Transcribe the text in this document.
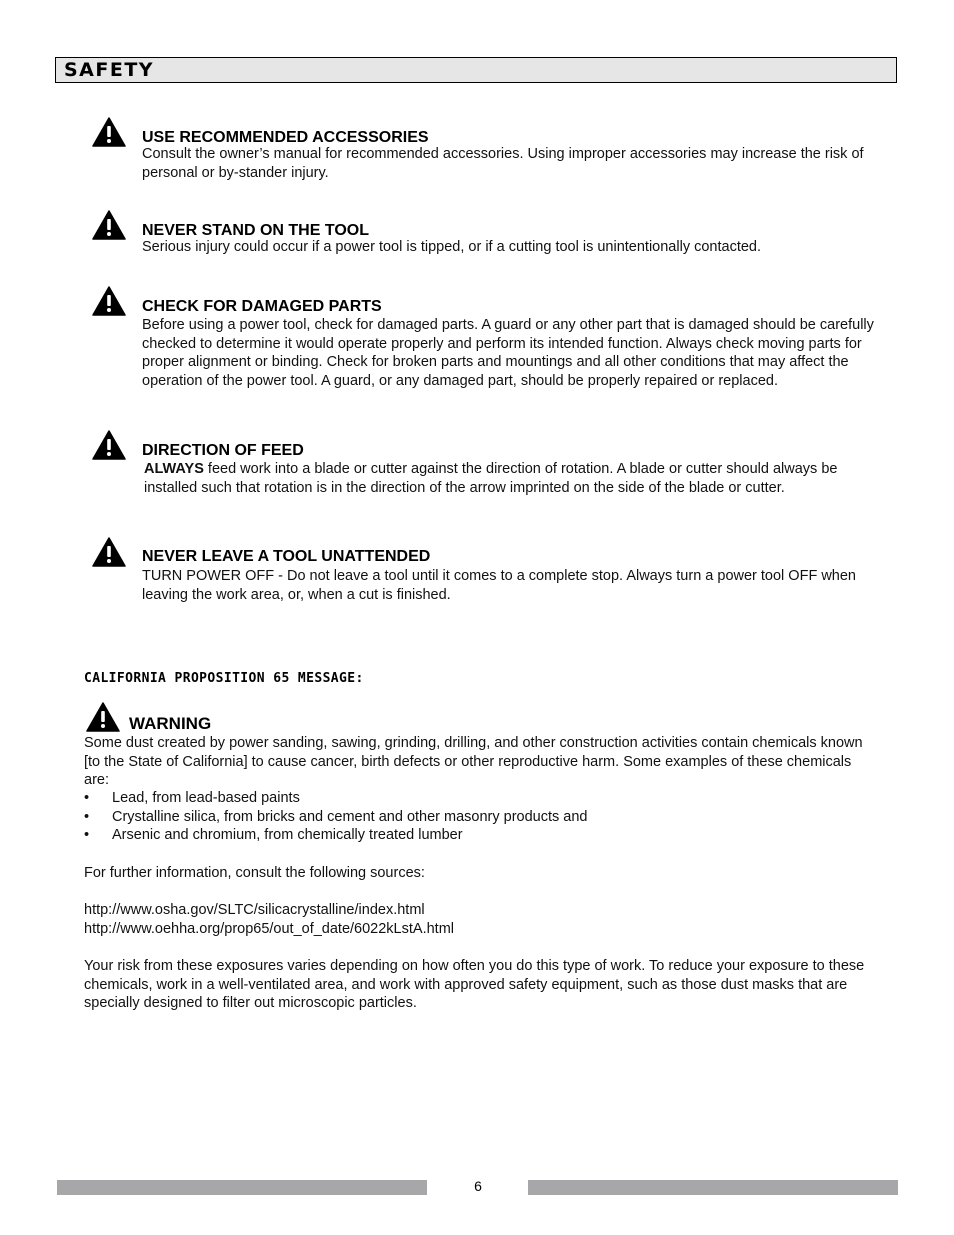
SAFETY
USE RECOMMENDED ACCESSORIES
Consult the owner’s manual for recommended accessories. Using improper accessories may increase the risk of personal or by-stander injury.
NEVER STAND ON THE TOOL
Serious injury could occur if a power tool is tipped, or if a cutting tool is unintentionally contacted.
CHECK FOR DAMAGED PARTS
Before using a power tool, check for damaged parts. A guard or any other part that is damaged should be carefully checked to determine it would operate properly and perform its intended function. Always check moving parts for proper alignment or binding. Check for broken parts and mountings and all other conditions that may affect the operation of the power tool. A guard, or any damaged part, should be properly repaired or replaced.
DIRECTION OF FEED
ALWAYS feed work into a blade or cutter against the direction of rotation. A blade or cutter should always be installed such that rotation is in the direction of the arrow imprinted on the side of the blade or cutter.
NEVER LEAVE A TOOL UNATTENDED
TURN POWER OFF - Do not leave a tool until it comes to a complete stop. Always turn a power tool OFF when leaving the work area, or, when a cut is finished.
CALIFORNIA PROPOSITION 65 MESSAGE:
WARNING
Some dust created by power sanding, sawing, grinding, drilling, and other construction activities contain chemicals known [to the State of California] to cause cancer, birth defects or other reproductive harm. Some examples of these chemicals are:
• Lead, from lead-based paints
• Crystalline silica, from bricks and cement and other masonry products and
• Arsenic and chromium, from chemically treated lumber
For further information, consult the following sources:
http://www.osha.gov/SLTC/silicacrystalline/index.html
http://www.oehha.org/prop65/out_of_date/6022kLstA.html
Your risk from these exposures varies depending on how often you do this type of work. To reduce your exposure to these chemicals, work in a well-ventilated area, and work with approved safety equipment, such as those dust masks that are specially designed to filter out microscopic particles.
6
